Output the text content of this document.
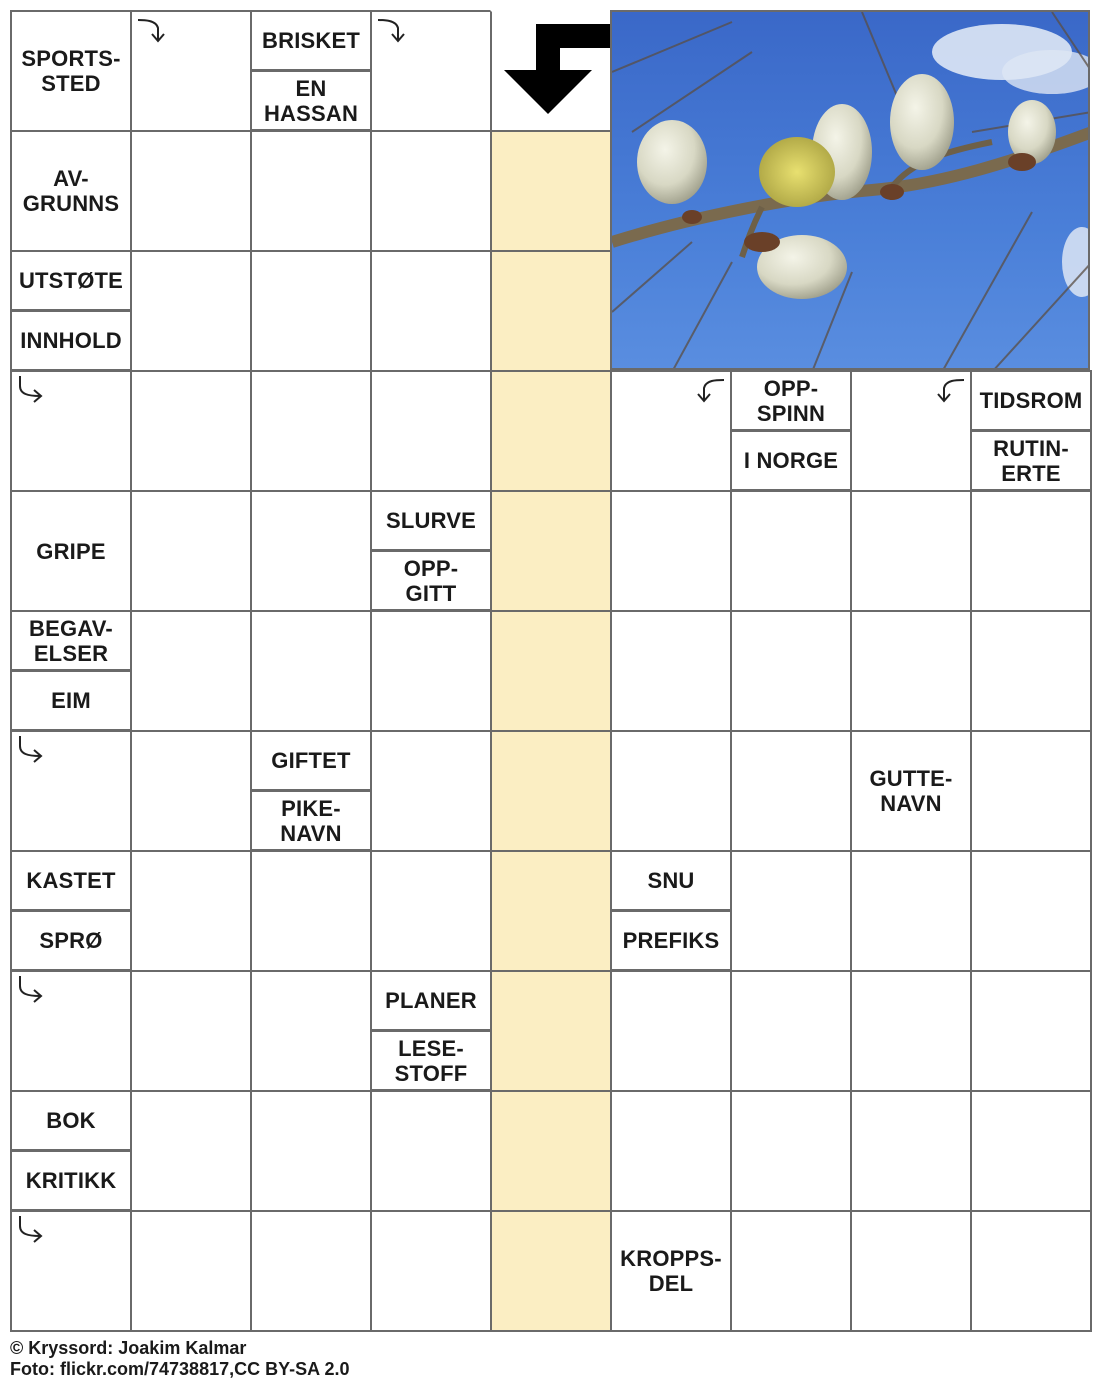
SPORTS-
STED
BRISKET
EN
HASSAN
AV-
GRUNNS
UTSTØTE
INNHOLD
OPP-
SPINN
I NORGE
TIDSROM
RUTIN-
ERTE
GRIPE
SLURVE
OPP-
GITT
BEGAV-
ELSER
EIM
GIFTET
PIKE-
NAVN
GUTTE-
NAVN
KASTET
SPRØ
SNU
PREFIKS
PLANER
LESE-
STOFF
BOK
KRITIKK
KROPPS-
DEL
© Kryssord: Joakim Kalmar
Foto: flickr.com/74738817,CC BY-SA 2.0
